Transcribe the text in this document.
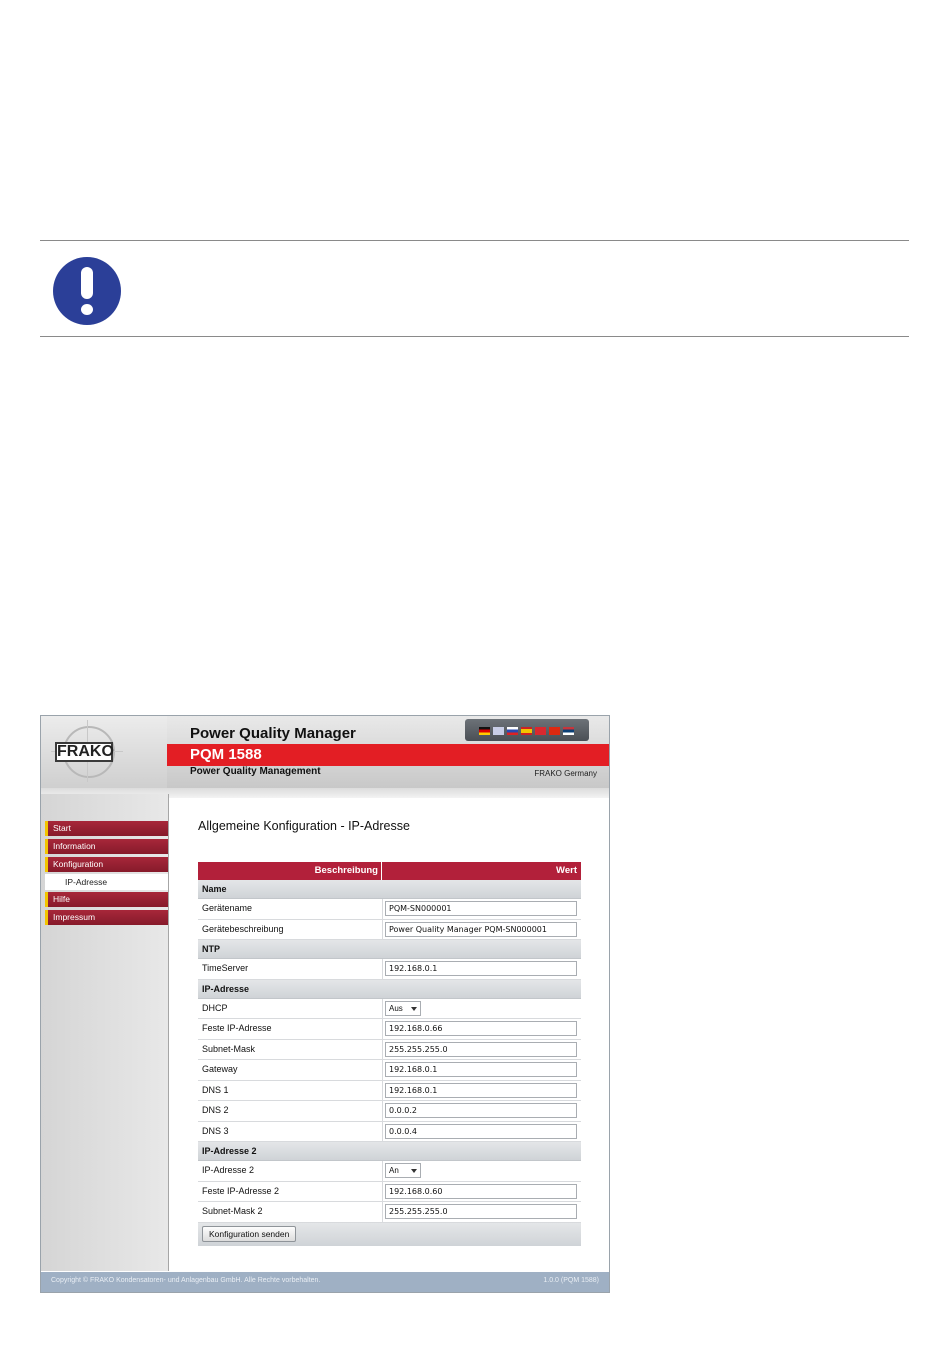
FRAKO
Power Quality Manager
PQM 1588
Power Quality Management	FRAKO Germany
Start
Information
Konfiguration
IP-Adresse
Hilfe
Impressum
Allgemeine Konfiguration - IP-Adresse
Beschreibung	Wert
Name
Gerätename	PQM-SN000001
Gerätebeschreibung	Power Quality Manager PQM-SN000001
NTP
TimeServer	192.168.0.1
IP-Adresse
DHCP	Aus
Feste IP-Adresse	192.168.0.66
Subnet-Mask	255.255.255.0
Gateway	192.168.0.1
DNS 1	192.168.0.1
DNS 2	0.0.0.2
DNS 3	0.0.0.4
IP-Adresse 2
IP-Adresse 2	An
Feste IP-Adresse 2	192.168.0.60
Subnet-Mask 2	255.255.255.0
Konfiguration senden
Copyright © FRAKO Kondensatoren- und Anlagenbau GmbH. Alle Rechte vorbehalten.	1.0.0 (PQM 1588)
